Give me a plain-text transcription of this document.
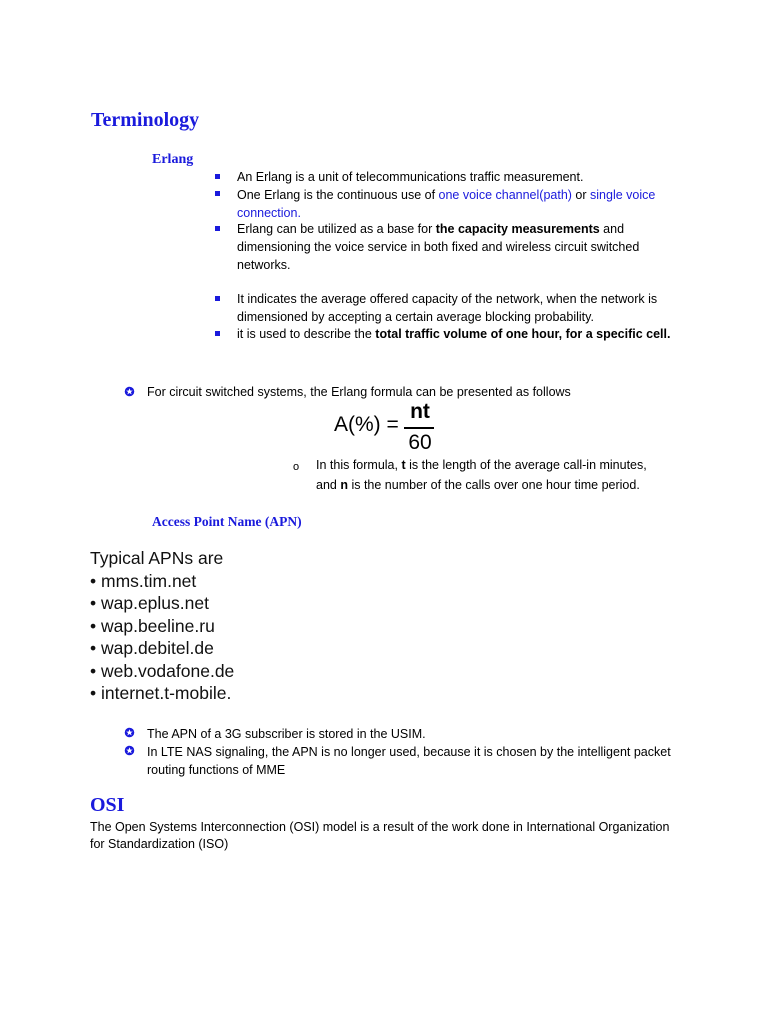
Terminology
Erlang
An Erlang is a unit of telecommunications traffic measurement.
One Erlang is the continuous use of one voice channel(path) or single voice
connection.
Erlang can be utilized as a base for the capacity measurements and
dimensioning the voice service in both fixed and wireless circuit switched
networks.
It indicates the average offered capacity of the network, when the network is
dimensioned by accepting a certain average blocking probability.
it is used to describe the total traffic volume of one hour, for a specific cell.
For circuit switched systems, the Erlang formula can be presented as follows
A(%) =
nt
60
o In this formula, t is the length of the average call-in minutes,
and n is the number of the calls over one hour time period.
Access Point Name (APN)
Typical APNs are
• mms.tim.net
• wap.eplus.net
• wap.beeline.ru
• wap.debitel.de
• web.vodafone.de
• internet.t-mobile.
The APN of a 3G subscriber is stored in the USIM.
In LTE NAS signaling, the APN is no longer used, because it is chosen by the intelligent packet
routing functions of MME
OSI
The Open Systems Interconnection (OSI) model is a result of the work done in International Organization
for Standardization (ISO)
